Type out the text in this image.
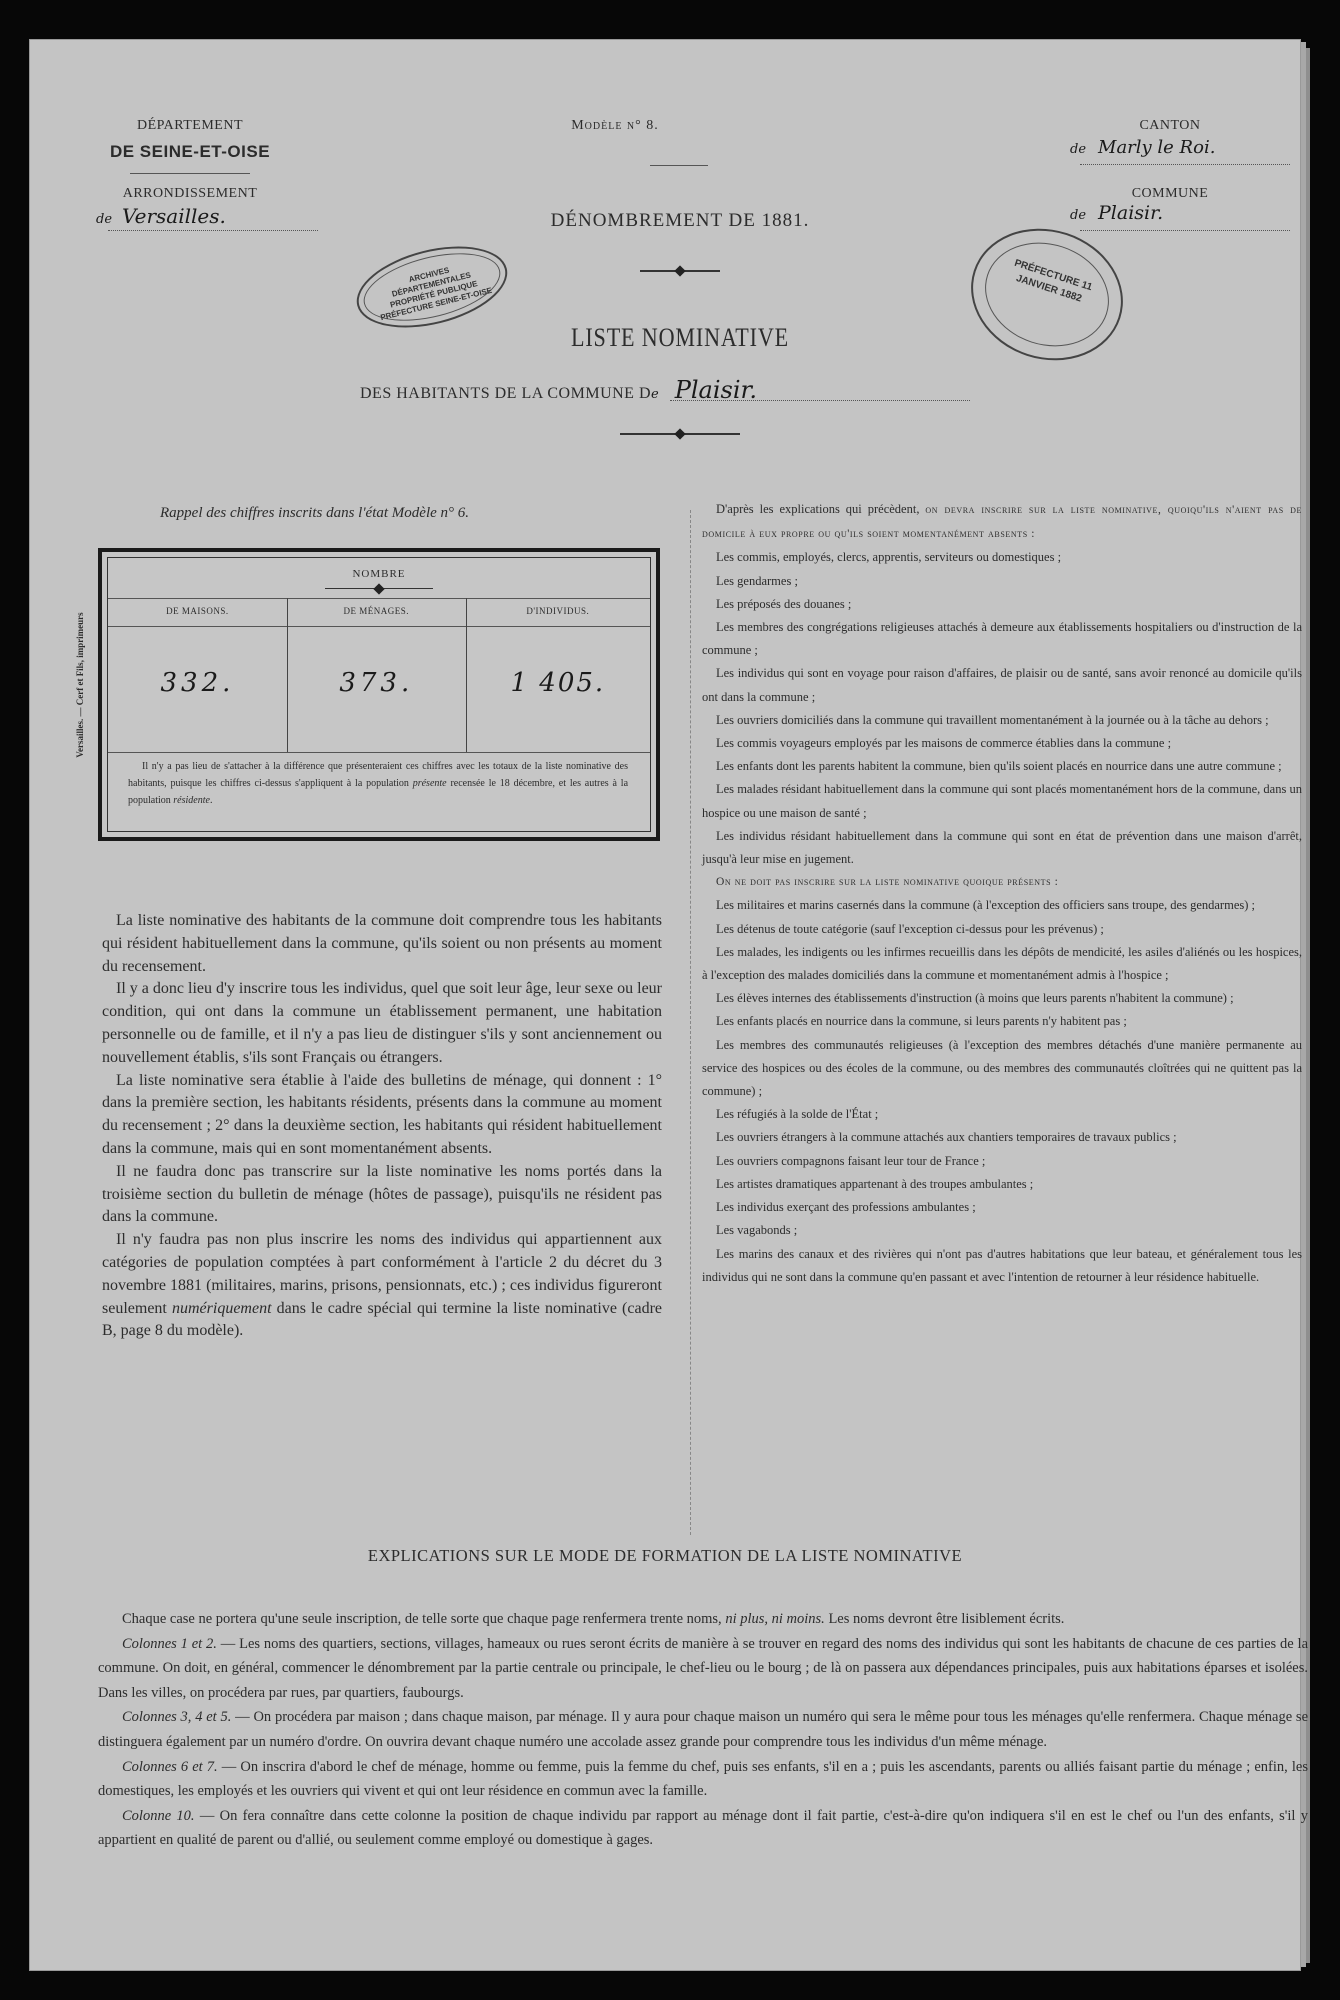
DÉPARTEMENT
DE SEINE-ET-OISE
ARRONDISSEMENT
de Versailles.
Modèle n° 8.
DÉNOMBREMENT DE 1881.
CANTON
de Marly le Roi.
COMMUNE
de Plaisir.
ARCHIVES DÉPARTEMENTALES PROPRIÉTÉ PUBLIQUE PRÉFECTURE SEINE-ET-OISE
PRÉFECTURE 11 JANVIER 1882
LISTE NOMINATIVE
DES HABITANTS DE LA COMMUNE De Plaisir.
Rappel des chiffres inscrits dans l'état Modèle n° 6.
Versailles. — Cerf et Fils, imprimeurs
NOMBRE
DE MAISONS.	DE MÉNAGES.	D'INDIVIDUS.
332.	373.	1 405.
Il n'y a pas lieu de s'attacher à la différence que présenteraient ces chiffres avec les totaux de la liste nominative des habitants, puisque les chiffres ci-dessus s'appliquent à la population présente recensée le 18 décembre, et les autres à la population résidente.

La liste nominative des habitants de la commune doit comprendre tous les habitants qui résident habituellement dans la commune, qu'ils soient ou non présents au moment du recensement.

Il y a donc lieu d'y inscrire tous les individus, quel que soit leur âge, leur sexe ou leur condition, qui ont dans la commune un établissement permanent, une habitation personnelle ou de famille, et il n'y a pas lieu de distinguer s'ils y sont anciennement ou nouvellement établis, s'ils sont Français ou étrangers.

La liste nominative sera établie à l'aide des bulletins de ménage, qui donnent : 1° dans la première section, les habitants résidents, présents dans la commune au moment du recensement ; 2° dans la deuxième section, les habitants qui résident habituellement dans la commune, mais qui en sont momentanément absents.

Il ne faudra donc pas transcrire sur la liste nominative les noms portés dans la troisième section du bulletin de ménage (hôtes de passage), puisqu'ils ne résident pas dans la commune.

Il n'y faudra pas non plus inscrire les noms des individus qui appartiennent aux catégories de population comptées à part conformément à l'article 2 du décret du 3 novembre 1881 (militaires, marins, prisons, pensionnats, etc.) ; ces individus figureront seulement numériquement dans le cadre spécial qui termine la liste nominative (cadre B, page 8 du modèle).

D'après les explications qui précèdent, on devra inscrire sur la liste nominative, quoiqu'ils n'aient pas de domicile à eux propre ou qu'ils soient momentanément absents :

Les commis, employés, clercs, apprentis, serviteurs ou domestiques ;

Les gendarmes ;

Les préposés des douanes ;

Les membres des congrégations religieuses attachés à demeure aux établissements hospitaliers ou d'instruction de la commune ;

Les individus qui sont en voyage pour raison d'affaires, de plaisir ou de santé, sans avoir renoncé au domicile qu'ils ont dans la commune ;

Les ouvriers domiciliés dans la commune qui travaillent momentanément à la journée ou à la tâche au dehors ;

Les commis voyageurs employés par les maisons de commerce établies dans la commune ;

Les enfants dont les parents habitent la commune, bien qu'ils soient placés en nourrice dans une autre commune ;

Les malades résidant habituellement dans la commune qui sont placés momentanément hors de la commune, dans un hospice ou une maison de santé ;

Les individus résidant habituellement dans la commune qui sont en état de prévention dans une maison d'arrêt, jusqu'à leur mise en jugement.

On ne doit pas inscrire sur la liste nominative quoique présents :

Les militaires et marins casernés dans la commune (à l'exception des officiers sans troupe, des gendarmes) ;

Les détenus de toute catégorie (sauf l'exception ci-dessus pour les prévenus) ;

Les malades, les indigents ou les infirmes recueillis dans les dépôts de mendicité, les asiles d'aliénés ou les hospices, à l'exception des malades domiciliés dans la commune et momentanément admis à l'hospice ;

Les élèves internes des établissements d'instruction (à moins que leurs parents n'habitent la commune) ;

Les enfants placés en nourrice dans la commune, si leurs parents n'y habitent pas ;

Les membres des communautés religieuses (à l'exception des membres détachés d'une manière permanente au service des hospices ou des écoles de la commune, ou des membres des communautés cloîtrées qui ne quittent pas la commune) ;

Les réfugiés à la solde de l'État ;

Les ouvriers étrangers à la commune attachés aux chantiers temporaires de travaux publics ;

Les ouvriers compagnons faisant leur tour de France ;

Les artistes dramatiques appartenant à des troupes ambulantes ;

Les individus exerçant des professions ambulantes ;

Les vagabonds ;

Les marins des canaux et des rivières qui n'ont pas d'autres habitations que leur bateau, et généralement tous les individus qui ne sont dans la commune qu'en passant et avec l'intention de retourner à leur résidence habituelle.

EXPLICATIONS SUR LE MODE DE FORMATION DE LA LISTE NOMINATIVE

Chaque case ne portera qu'une seule inscription, de telle sorte que chaque page renfermera trente noms, ni plus, ni moins. Les noms devront être lisiblement écrits.

Colonnes 1 et 2. — Les noms des quartiers, sections, villages, hameaux ou rues seront écrits de manière à se trouver en regard des noms des individus qui sont les habitants de chacune de ces parties de la commune. On doit, en général, commencer le dénombrement par la partie centrale ou principale, le chef-lieu ou le bourg ; de là on passera aux dépendances principales, puis aux habitations éparses et isolées. Dans les villes, on procédera par rues, par quartiers, faubourgs.

Colonnes 3, 4 et 5. — On procédera par maison ; dans chaque maison, par ménage. Il y aura pour chaque maison un numéro qui sera le même pour tous les ménages qu'elle renfermera. Chaque ménage se distinguera également par un numéro d'ordre. On ouvrira devant chaque numéro une accolade assez grande pour comprendre tous les individus d'un même ménage.

Colonnes 6 et 7. — On inscrira d'abord le chef de ménage, homme ou femme, puis la femme du chef, puis ses enfants, s'il en a ; puis les ascendants, parents ou alliés faisant partie du ménage ; enfin, les domestiques, les employés et les ouvriers qui vivent et qui ont leur résidence en commun avec la famille.

Colonne 10. — On fera connaître dans cette colonne la position de chaque individu par rapport au ménage dont il fait partie, c'est-à-dire qu'on indiquera s'il en est le chef ou l'un des enfants, s'il y appartient en qualité de parent ou d'allié, ou seulement comme employé ou domestique à gages.
